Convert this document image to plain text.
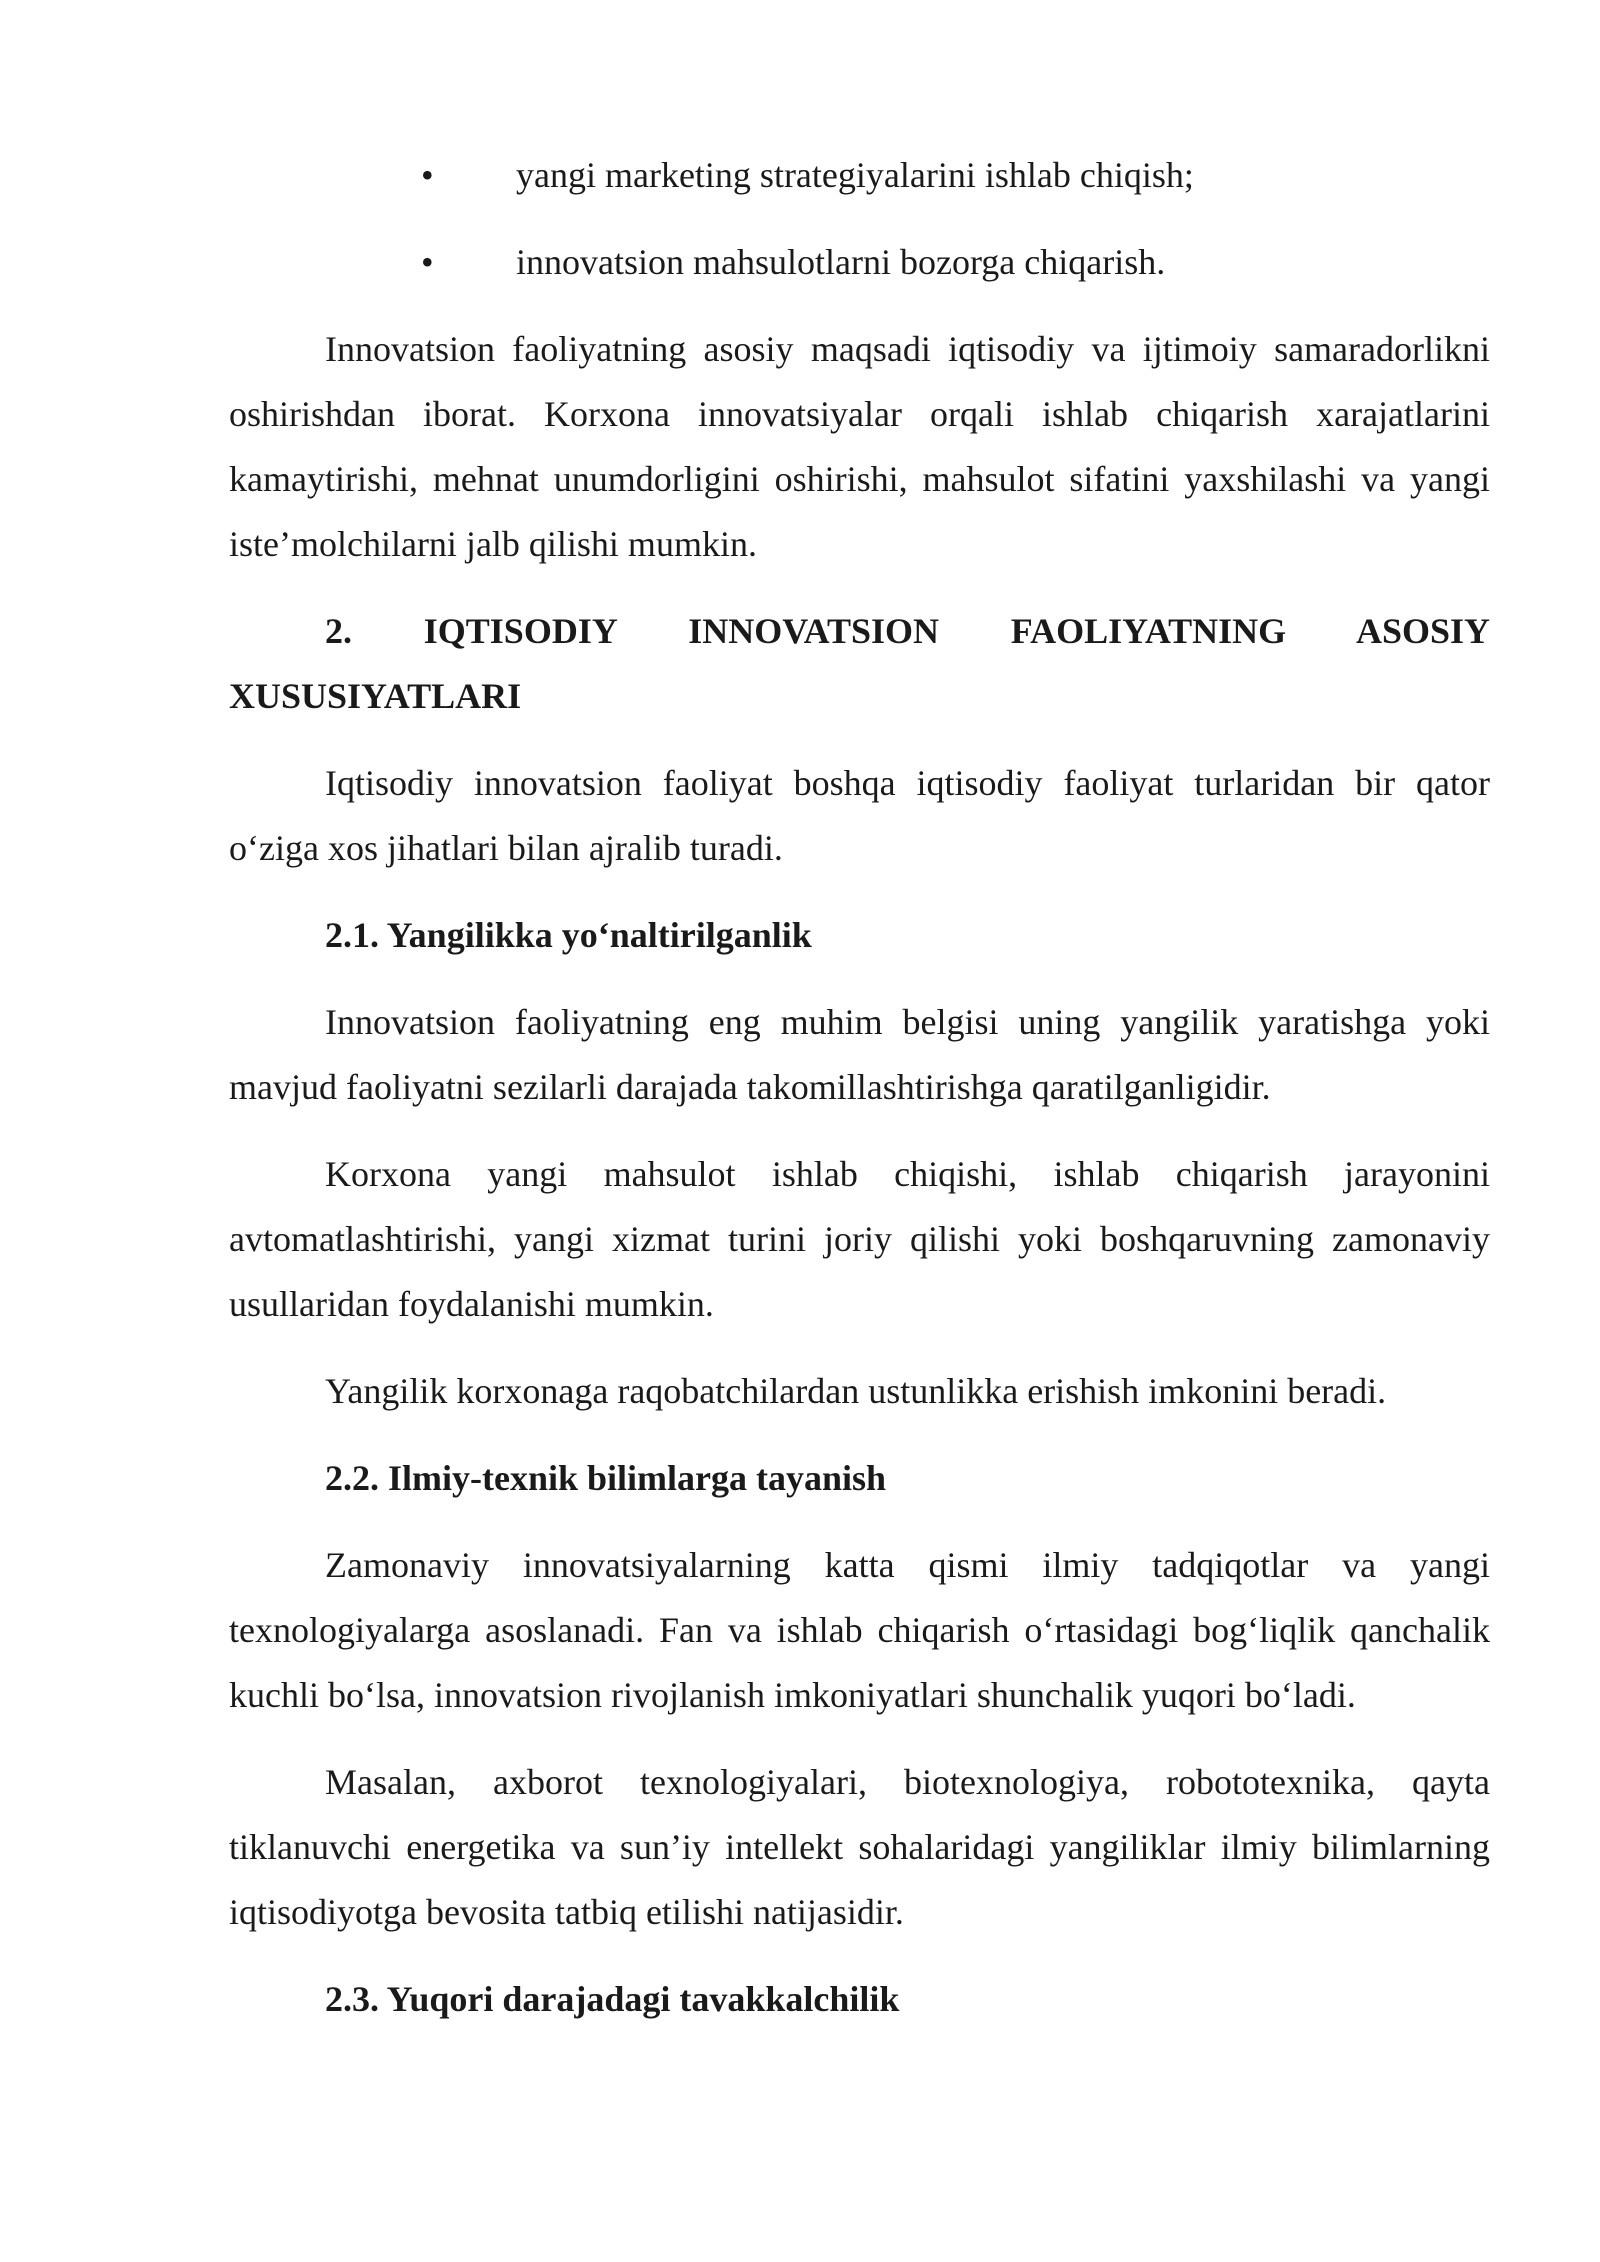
• yangi marketing strategiyalarini ishlab chiqish;
• innovatsion mahsulotlarni bozorga chiqarish.

Innovatsion faoliyatning asosiy maqsadi iqtisodiy va ijtimoiy samaradorlikni oshirishdan iborat. Korxona innovatsiyalar orqali ishlab chiqarish xarajatlarini kamaytirishi, mehnat unumdorligini oshirishi, mahsulot sifatini yaxshilashi va yangi iste’molchilarni jalb qilishi mumkin.

2. IQTISODIY INNOVATSION FAOLIYATNING ASOSIY XUSUSIYATLARI

Iqtisodiy innovatsion faoliyat boshqa iqtisodiy faoliyat turlaridan bir qator o‘ziga xos jihatlari bilan ajralib turadi.

2.1. Yangilikka yo‘naltirilganlik

Innovatsion faoliyatning eng muhim belgisi uning yangilik yaratishga yoki mavjud faoliyatni sezilarli darajada takomillashtirishga qaratilganligidir.

Korxona yangi mahsulot ishlab chiqishi, ishlab chiqarish jarayonini avtomatlashtirishi, yangi xizmat turini joriy qilishi yoki boshqaruvning zamonaviy usullaridan foydalanishi mumkin.

Yangilik korxonaga raqobatchilardan ustunlikka erishish imkonini beradi.

2.2. Ilmiy-texnik bilimlarga tayanish

Zamonaviy innovatsiyalarning katta qismi ilmiy tadqiqotlar va yangi texnologiyalarga asoslanadi. Fan va ishlab chiqarish o‘rtasidagi bog‘liqlik qanchalik kuchli bo‘lsa, innovatsion rivojlanish imkoniyatlari shunchalik yuqori bo‘ladi.

Masalan, axborot texnologiyalari, biotexnologiya, robototexnika, qayta tiklanuvchi energetika va sun’iy intellekt sohalaridagi yangiliklar ilmiy bilimlarning iqtisodiyotga bevosita tatbiq etilishi natijasidir.

2.3. Yuqori darajadagi tavakkalchilik
